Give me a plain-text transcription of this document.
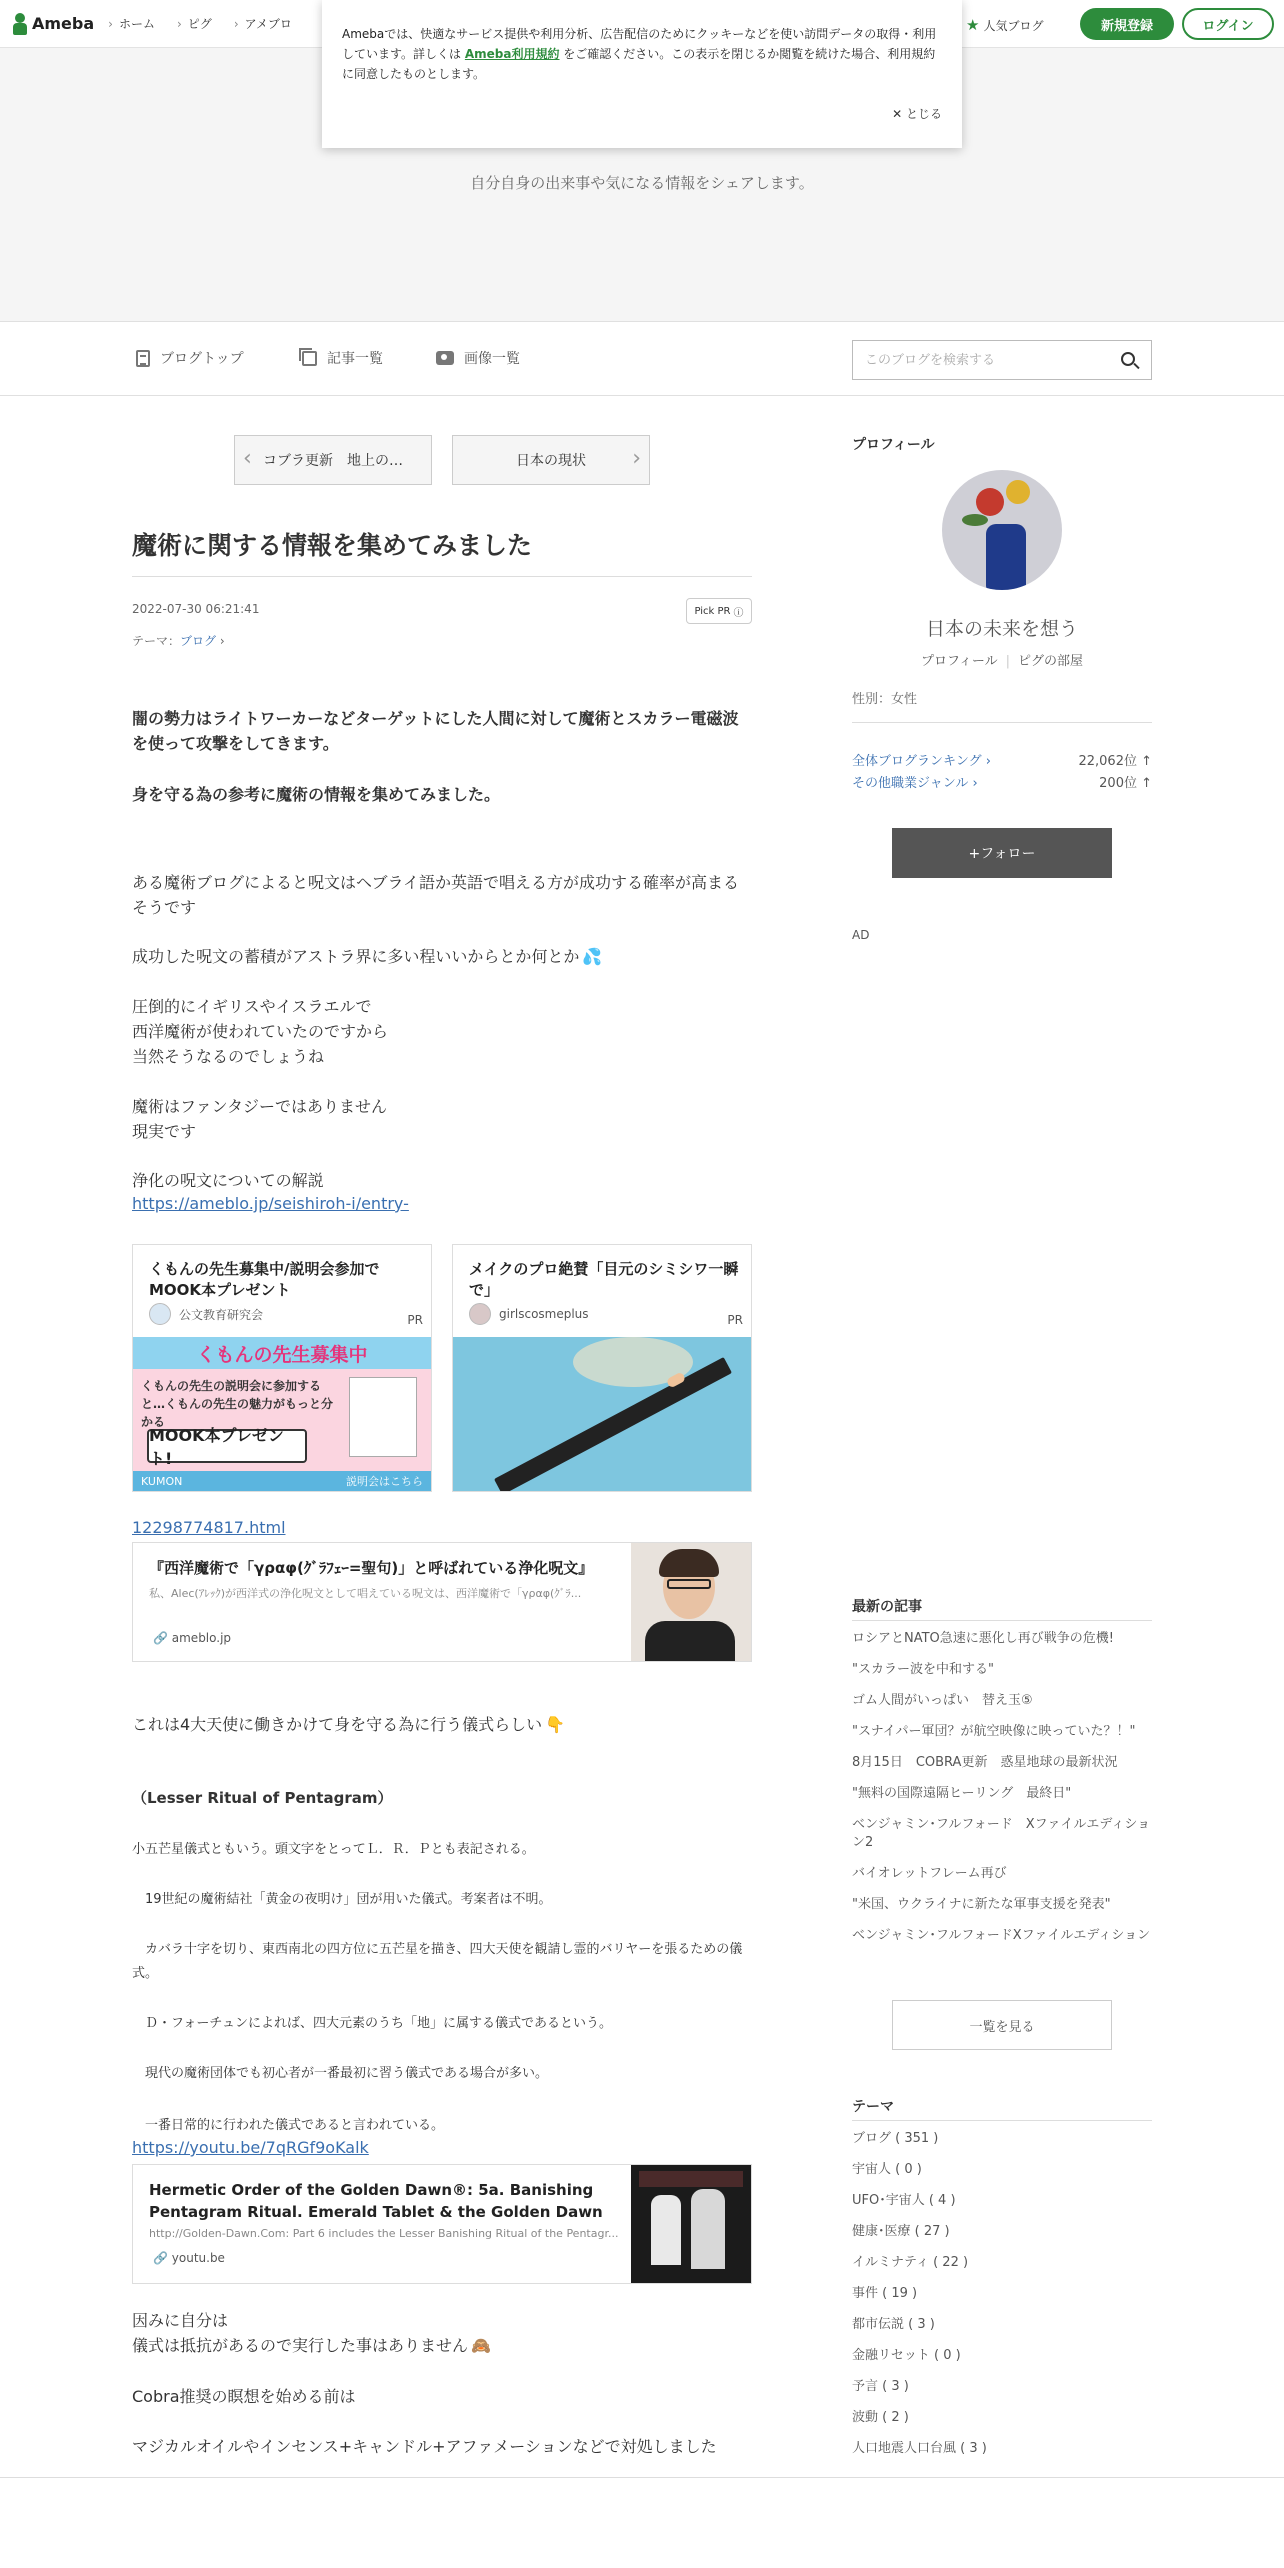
Ameba	› ホーム	› ピグ	› アメブロ	★ 人気ブログ	新規登録	ログイン
Amebaでは、快適なサービス提供や利用分析、広告配信のためにクッキーなどを使い訪問データの取得・利用しています。詳しくは Ameba利用規約 をご確認ください。この表示を閉じるか閲覧を続けた場合、利用規約に同意したものとします。
✕ とじる
自分自身の出来事や気になる情報をシェアします。
ブログトップ	記事一覧	画像一覧
このブログを検索する
‹ コブラ更新　地上の…	日本の現状 ›
魔術に関する情報を集めてみました
2022-07-30 06:21:41	Pick PR ⓘ
テーマ：ブログ ›
闇の勢力はライトワーカーなどターゲットにした人間に対して魔術とスカラー電磁波を使って攻撃をしてきます。
身を守る為の参考に魔術の情報を集めてみました。
ある魔術ブログによると呪文はヘブライ語か英語で唱える方が成功する確率が高まるそうです
成功した呪文の蓄積がアストラ界に多い程いいからとか何とか 💦
圧倒的にイギリスやイスラエルで
西洋魔術が使われていたのですから
当然そうなるのでしょうね
魔術はファンタジーではありません
現実です
浄化の呪文についての解説
https://ameblo.jp/seishiroh-i/entry-
くもんの先生募集中/説明会参加でMOOK本プレゼント
公文教育研究会	PR
くもんの先生募集中
くもんの先生の説明会に参加すると…くもんの先生の魅力がもっと分かる
MOOK本プレゼント!
KUMON	説明会はこちら
メイクのプロ絶賛「目元のシミシワ一瞬で」
girlscosmeplus	PR
12298774817.html
『西洋魔術で「γραφ(ｸﾞﾗﾌｪｰ=聖句)」と呼ばれている浄化呪文』
私、Alec(ｱﾚｯｸ)が西洋式の浄化呪文として唱えている呪文は、西洋魔術で「γραφ(ｸﾞﾗ...
🔗 ameblo.jp
これは4大天使に働きかけて身を守る為に行う儀式らしい 👇
（Lesser Ritual of Pentagram）
小五芒星儀式ともいう。頭文字をとってＬ．Ｒ．Ｐとも表記される。
　19世紀の魔術結社「黄金の夜明け」団が用いた儀式。考案者は不明。
　カバラ十字を切り、東西南北の四方位に五芒星を描き、四大天使を観請し霊的バリヤーを張るための儀式。
　Ｄ・フォーチュンによれば、四大元素のうち「地」に属する儀式であるという。
　現代の魔術団体でも初心者が一番最初に習う儀式である場合が多い。
　一番日常的に行われた儀式であると言われている。
https://youtu.be/7qRGf9oKalk
Hermetic Order of the Golden Dawn®: 5a. Banishing Pentagram Ritual. Emerald Tablet & the Golden Dawn
http://Golden-Dawn.Com: Part 6 includes the Lesser Banishing Ritual of the Pentagr...
🔗 youtu.be
因みに自分は
儀式は抵抗があるので実行した事はありません 🙈
Cobra推奨の瞑想を始める前は
マジカルオイルやインセンス+キャンドル+アファメーションなどで対処しました
プロフィール
日本の未来を想う
プロフィール | ピグの部屋
性別：女性
全体ブログランキング ›	22,062位 ↑
その他職業ジャンル ›	200位 ↑
+フォロー
AD
最新の記事
ロシアとNATO急速に悪化し再び戦争の危機!
"スカラー波を中和する"
ゴム人間がいっぱい　替え玉⑤
"スナイパー軍団？が航空映像に映っていた？！"
8月15日　COBRA更新　惑星地球の最新状況
"無料の国際遠隔ヒーリング　最終日"
ベンジャミン･フルフォード　Xファイルエディション2
バイオレットフレーム再び
"米国、ウクライナに新たな軍事支援を発表"
ベンジャミン･フルフォードXファイルエディション
一覧を見る
テーマ
ブログ ( 351 )
宇宙人 ( 0 )
UFO･宇宙人 ( 4 )
健康･医療 ( 27 )
イルミナティ ( 22 )
事件 ( 19 )
都市伝説 ( 3 )
金融リセット ( 0 )
予言 ( 3 )
波動 ( 2 )
人口地震人口台風 ( 3 )
